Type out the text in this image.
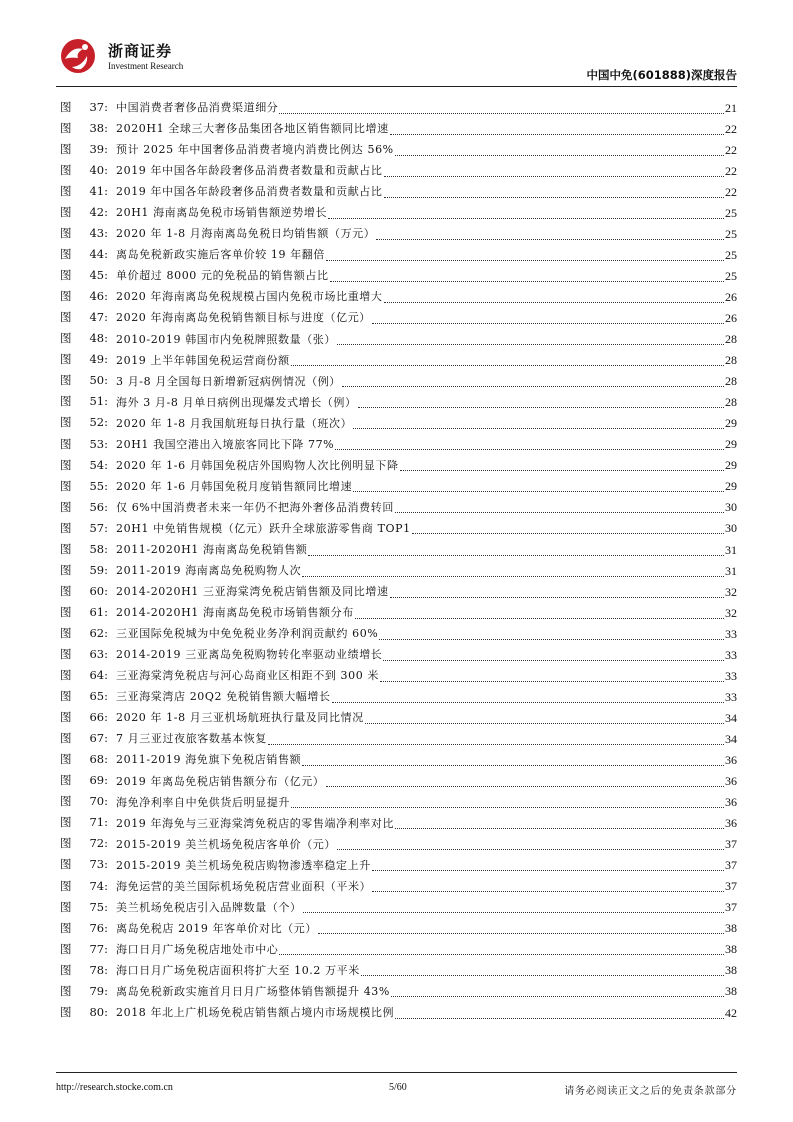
浙商证券
Investment Research
中国中免(601888)深度报告
图	37: 中国消费者奢侈品消费渠道细分	21
图	38: 2020H1 全球三大奢侈品集团各地区销售额同比增速	22
图	39: 预计 2025 年中国奢侈品消费者境内消费比例达 56%	22
图	40: 2019 年中国各年龄段奢侈品消费者数量和贡献占比	22
图	41: 2019 年中国各年龄段奢侈品消费者数量和贡献占比	22
图	42: 20H1 海南离岛免税市场销售额逆势增长	25
图	43: 2020 年 1-8 月海南离岛免税日均销售额（万元）	25
图	44: 离岛免税新政实施后客单价较 19 年翻倍	25
图	45: 单价超过 8000 元的免税品的销售额占比	25
图	46: 2020 年海南离岛免税规模占国内免税市场比重增大	26
图	47: 2020 年海南离岛免税销售额目标与进度（亿元）	26
图	48: 2010-2019 韩国市内免税牌照数量（张）	28
图	49: 2019 上半年韩国免税运营商份额	28
图	50: 3 月-8 月全国每日新增新冠病例情况（例）	28
图	51: 海外 3 月-8 月单日病例出现爆发式增长（例）	28
图	52: 2020 年 1-8 月我国航班每日执行量（班次）	29
图	53: 20H1 我国空港出入境旅客同比下降 77%	29
图	54: 2020 年 1-6 月韩国免税店外国购物人次比例明显下降	29
图	55: 2020 年 1-6 月韩国免税月度销售额同比增速	29
图	56: 仅 6%中国消费者未来一年仍不把海外奢侈品消费转回	30
图	57: 20H1 中免销售规模（亿元）跃升全球旅游零售商 TOP1	30
图	58: 2011-2020H1 海南离岛免税销售额	31
图	59: 2011-2019 海南离岛免税购物人次	31
图	60: 2014-2020H1 三亚海棠湾免税店销售额及同比增速	32
图	61: 2014-2020H1 海南离岛免税市场销售额分布	32
图	62: 三亚国际免税城为中免免税业务净利润贡献约 60%	33
图	63: 2014-2019 三亚离岛免税购物转化率驱动业绩增长	33
图	64: 三亚海棠湾免税店与河心岛商业区相距不到 300 米	33
图	65: 三亚海棠湾店 20Q2 免税销售额大幅增长	33
图	66: 2020 年 1-8 月三亚机场航班执行量及同比情况	34
图	67: 7 月三亚过夜旅客数基本恢复	34
图	68: 2011-2019 海免旗下免税店销售额	36
图	69: 2019 年离岛免税店销售额分布（亿元）	36
图	70: 海免净利率自中免供货后明显提升	36
图	71: 2019 年海免与三亚海棠湾免税店的零售端净利率对比	36
图	72: 2015-2019 美兰机场免税店客单价（元）	37
图	73: 2015-2019 美兰机场免税店购物渗透率稳定上升	37
图	74: 海免运营的美兰国际机场免税店营业面积（平米）	37
图	75: 美兰机场免税店引入品牌数量（个）	37
图	76: 离岛免税店 2019 年客单价对比（元）	38
图	77: 海口日月广场免税店地处市中心	38
图	78: 海口日月广场免税店面积将扩大至 10.2 万平米	38
图	79: 离岛免税新政实施首月日月广场整体销售额提升 43%	38
图	80: 2018 年北上广机场免税店销售额占境内市场规模比例	42
http://research.stocke.com.cn	5/60	请务必阅读正文之后的免责条款部分
